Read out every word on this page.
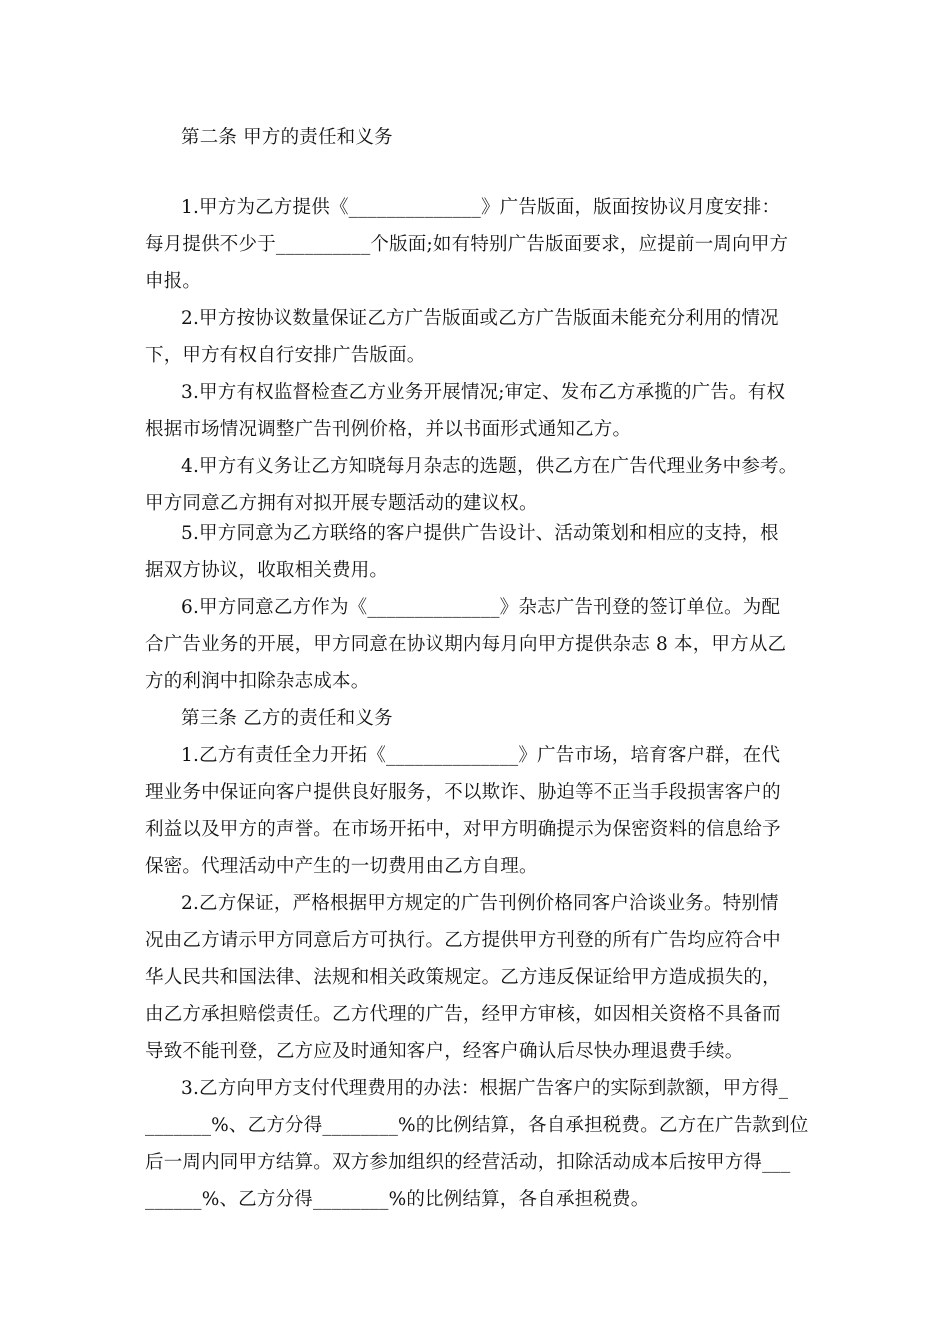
第二条 甲方的责任和义务
1.甲方为乙方提供《______________》广告版面，版面按协议月度安排：
每月提供不少于__________个版面;如有特别广告版面要求，应提前一周向甲方
申报。
2.甲方按协议数量保证乙方广告版面或乙方广告版面未能充分利用的情况
下，甲方有权自行安排广告版面。
3.甲方有权监督检查乙方业务开展情况;审定、发布乙方承揽的广告。有权
根据市场情况调整广告刊例价格，并以书面形式通知乙方。
4.甲方有义务让乙方知晓每月杂志的选题，供乙方在广告代理业务中参考。
甲方同意乙方拥有对拟开展专题活动的建议权。
5.甲方同意为乙方联络的客户提供广告设计、活动策划和相应的支持，根
据双方协议，收取相关费用。
6.甲方同意乙方作为《______________》杂志广告刊登的签订单位。为配
合广告业务的开展，甲方同意在协议期内每月向甲方提供杂志 8 本，甲方从乙
方的利润中扣除杂志成本。
第三条 乙方的责任和义务
1.乙方有责任全力开拓《______________》广告市场，培育客户群，在代
理业务中保证向客户提供良好服务，不以欺诈、胁迫等不正当手段损害客户的
利益以及甲方的声誉。在市场开拓中，对甲方明确提示为保密资料的信息给予
保密。代理活动中产生的一切费用由乙方自理。
2.乙方保证，严格根据甲方规定的广告刊例价格同客户洽谈业务。特别情
况由乙方请示甲方同意后方可执行。乙方提供甲方刊登的所有广告均应符合中
华人民共和国法律、法规和相关政策规定。乙方违反保证给甲方造成损失的，
由乙方承担赔偿责任。乙方代理的广告，经甲方审核，如因相关资格不具备而
导致不能刊登，乙方应及时通知客户，经客户确认后尽快办理退费手续。
3.乙方向甲方支付代理费用的办法：根据广告客户的实际到款额，甲方得_
_______%、乙方分得________%的比例结算，各自承担税费。乙方在广告款到位
后一周内同甲方结算。双方参加组织的经营活动，扣除活动成本后按甲方得___
______%、乙方分得________%的比例结算，各自承担税费。
